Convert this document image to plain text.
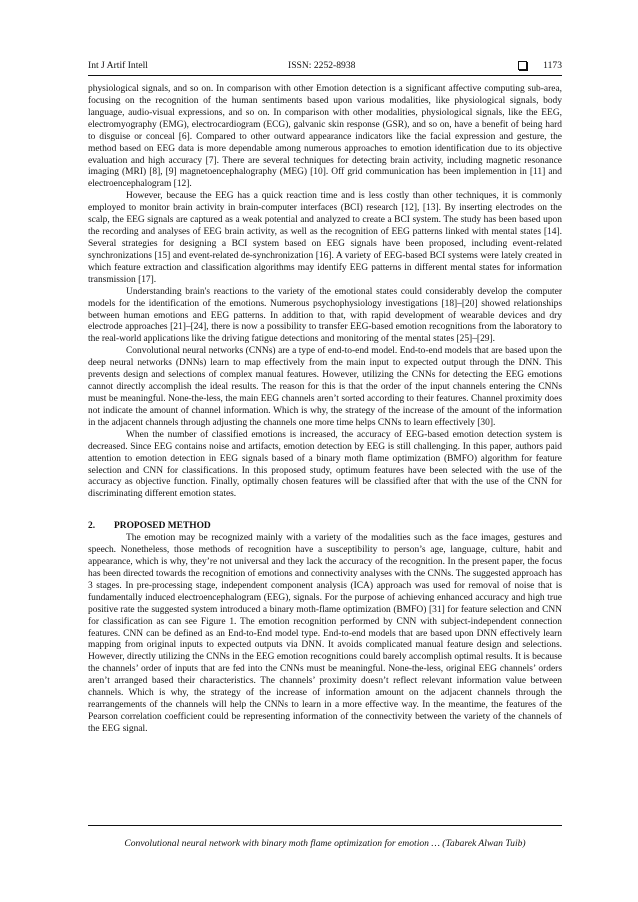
Int J Artif Intell	ISSN: 2252-8938	1173

physiological signals, and so on. In comparison with other Emotion detection is a significant affective computing sub-area, focusing on the recognition of the human sentiments based upon various modalities, like physiological signals, body language, audio-visual expressions, and so on. In comparison with other modalities, physiological signals, like the EEG, electromyography (EMG), electrocardiogram (ECG), galvanic skin response (GSR), and so on, have a benefit of being hard to disguise or conceal [6]. Compared to other outward appearance indicators like the facial expression and gesture, the method based on EEG data is more dependable among numerous approaches to emotion identification due to its objective evaluation and high accuracy [7]. There are several techniques for detecting brain activity, including magnetic resonance imaging (MRI) [8], [9] magnetoencephalography (MEG) [10]. Off grid communication has been implemention in [11] and electroencephalogram [12].

However, because the EEG has a quick reaction time and is less costly than other techniques, it is commonly employed to monitor brain activity in brain-computer interfaces (BCI) research [12], [13]. By inserting electrodes on the scalp, the EEG signals are captured as a weak potential and analyzed to create a BCI system. The study has been based upon the recording and analyses of EEG brain activity, as well as the recognition of EEG patterns linked with mental states [14]. Several strategies for designing a BCI system based on EEG signals have been proposed, including event-related synchronizations [15] and event-related de-synchronization [16]. A variety of EEG-based BCI systems were lately created in which feature extraction and classification algorithms may identify EEG patterns in different mental states for information transmission [17].

Understanding brain's reactions to the variety of the emotional states could considerably develop the computer models for the identification of the emotions. Numerous psychophysiology investigations [18]–[20] showed relationships between human emotions and EEG patterns. In addition to that, with rapid development of wearable devices and dry electrode approaches [21]–[24], there is now a possibility to transfer EEG-based emotion recognitions from the laboratory to the real-world applications like the driving fatigue detections and monitoring of the mental states [25]–[29].

Convolutional neural networks (CNNs) are a type of end-to-end model. End-to-end models that are based upon the deep neural networks (DNNs) learn to map effectively from the main input to expected output through the DNN. This prevents design and selections of complex manual features. However, utilizing the CNNs for detecting the EEG emotions cannot directly accomplish the ideal results. The reason for this is that the order of the input channels entering the CNNs must be meaningful. None-the-less, the main EEG channels aren’t sorted according to their features. Channel proximity does not indicate the amount of channel information. Which is why, the strategy of the increase of the amount of the information in the adjacent channels through adjusting the channels one more time helps CNNs to learn effectively [30].

When the number of classified emotions is increased, the accuracy of EEG-based emotion detection system is decreased. Since EEG contains noise and artifacts, emotion detection by EEG is still challenging. In this paper, authors paid attention to emotion detection in EEG signals based of a binary moth flame optimization (BMFO) algorithm for feature selection and CNN for classifications. In this proposed study, optimum features have been selected with the use of the accuracy as objective function. Finally, optimally chosen features will be classified after that with the use of the CNN for discriminating different emotion states.

2.	PROPOSED METHOD

The emotion may be recognized mainly with a variety of the modalities such as the face images, gestures and speech. Nonetheless, those methods of recognition have a susceptibility to person’s age, language, culture, habit and appearance, which is why, they’re not universal and they lack the accuracy of the recognition. In the present paper, the focus has been directed towards the recognition of emotions and connectivity analyses with the CNNs. The suggested approach has 3 stages. In pre-processing stage, independent component analysis (ICA) approach was used for removal of noise that is fundamentally induced electroencephalogram (EEG), signals. For the purpose of achieving enhanced accuracy and high true positive rate the suggested system introduced a binary moth-flame optimization (BMFO) [31] for feature selection and CNN for classification as can see Figure 1. The emotion recognition performed by CNN with subject-independent connection features. CNN can be defined as an End-to-End model type. End-to-end models that are based upon DNN effectively learn mapping from original inputs to expected outputs via DNN. It avoids complicated manual feature design and selections. However, directly utilizing the CNNs in the EEG emotion recognitions could barely accomplish optimal results. It is because the channels’ order of inputs that are fed into the CNNs must be meaningful. None-the-less, original EEG channels’ orders aren’t arranged based their characteristics. The channels’ proximity doesn’t reflect relevant information value between channels. Which is why, the strategy of the increase of information amount on the adjacent channels through the rearrangements of the channels will help the CNNs to learn in a more effective way. In the meantime, the features of the Pearson correlation coefficient could be representing information of the connectivity between the variety of the channels of the EEG signal.

Convolutional neural network with binary moth flame optimization for emotion … (Tabarek Alwan Tuib)
